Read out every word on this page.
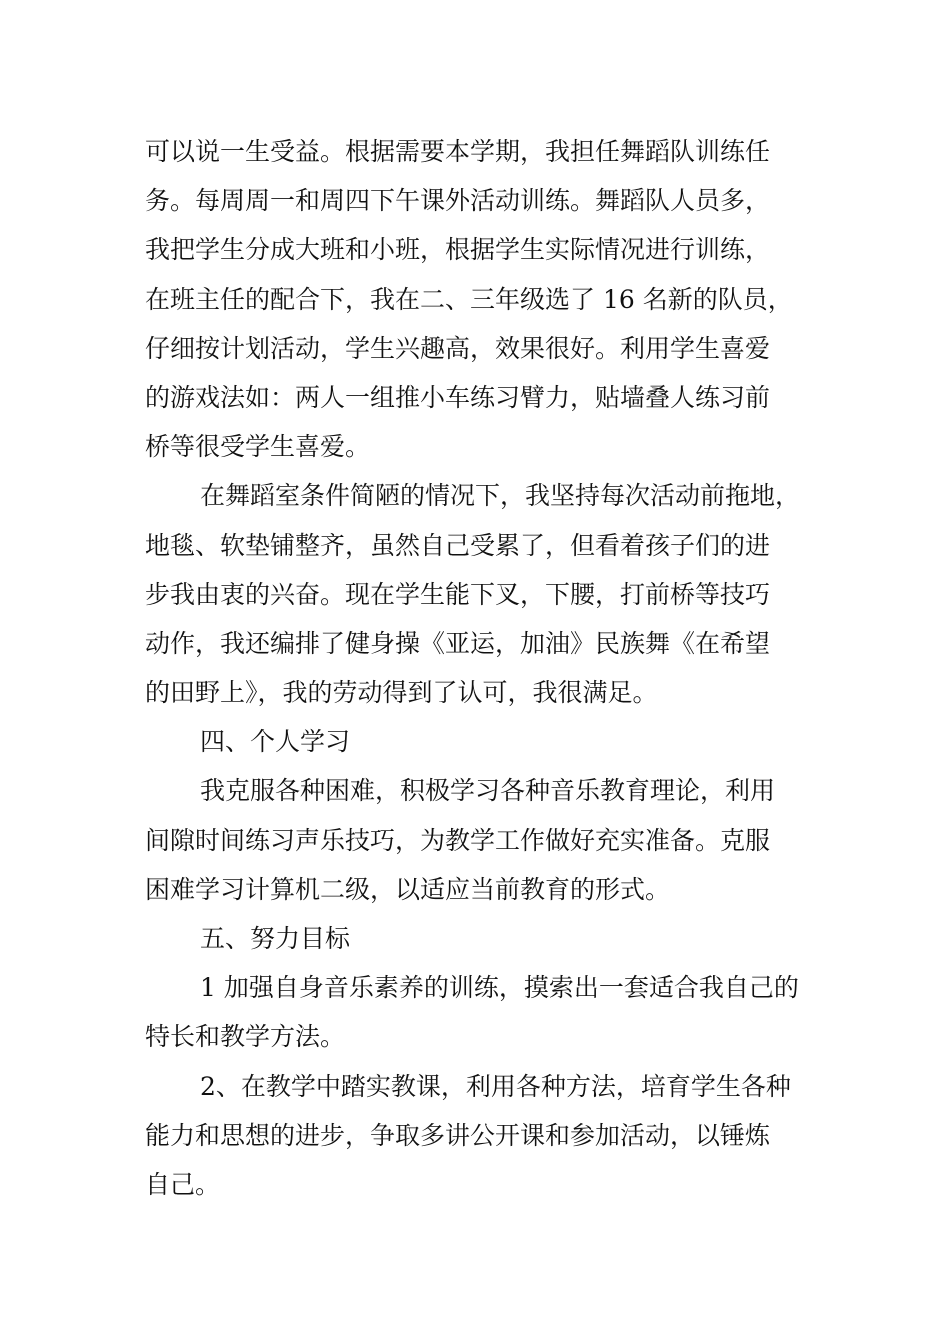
可以说一生受益。根据需要本学期，我担任舞蹈队训练任
务。每周周一和周四下午课外活动训练。舞蹈队人员多，
我把学生分成大班和小班，根据学生实际情况进行训练，
在班主任的配合下，我在二、三年级选了 16 名新的队员，
仔细按计划活动，学生兴趣高，效果很好。利用学生喜爱
的游戏法如：两人一组推小车练习臂力，贴墙叠人练习前
桥等很受学生喜爱。
在舞蹈室条件简陋的情况下，我坚持每次活动前拖地，
地毯、软垫铺整齐，虽然自己受累了，但看着孩子们的进
步我由衷的兴奋。现在学生能下叉，下腰，打前桥等技巧
动作，我还编排了健身操《亚运，加油》民族舞《在希望
的田野上》，我的劳动得到了认可，我很满足。
四、个人学习
我克服各种困难，积极学习各种音乐教育理论，利用
间隙时间练习声乐技巧，为教学工作做好充实准备。克服
困难学习计算机二级，以适应当前教育的形式。
五、努力目标
1 加强自身音乐素养的训练，摸索出一套适合我自己的
特长和教学方法。
2、在教学中踏实教课，利用各种方法，培育学生各种
能力和思想的进步，争取多讲公开课和参加活动，以锤炼
自己。
